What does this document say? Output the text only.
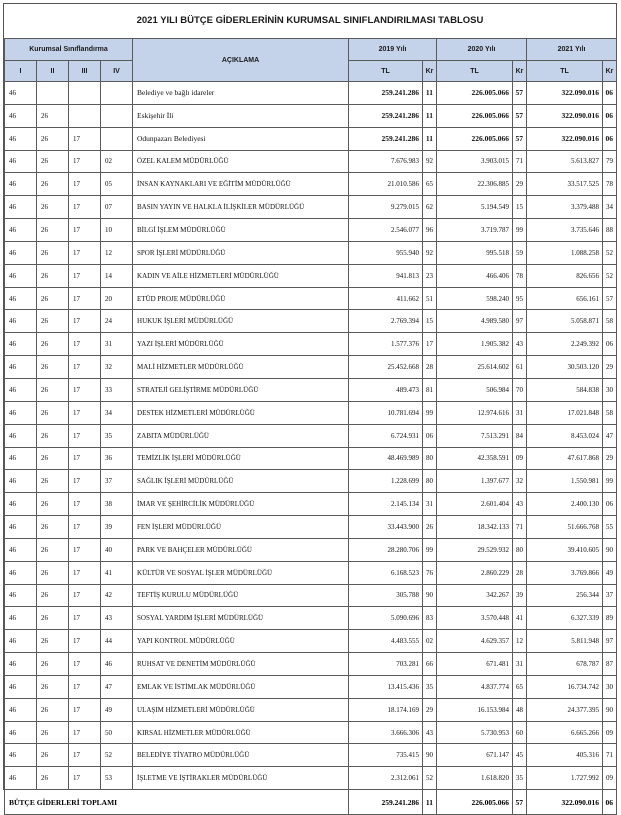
2021 YILI BÜTÇE GİDERLERİNİN KURUMSAL SINIFLANDIRILMASI TABLOSU
Kurumsal Sınıflandırma				AÇIKLAMA	2019 Yılı		2020 Yılı		2021 Yılı	
I	II	III	IV		TL	Kr	TL	Kr	TL	Kr
46				Belediye ve bağlı idareler	259.241.286	11	226.005.066	57	322.090.016	06
46	26			Eskişehir İli	259.241.286	11	226.005.066	57	322.090.016	06
46	26	17		Odunpazarı Belediyesi	259.241.286	11	226.005.066	57	322.090.016	06
46	26	17	02	ÖZEL KALEM MÜDÜRLÜĞÜ	7.676.983	92	3.903.015	71	5.613.827	79
46	26	17	05	İNSAN KAYNAKLARI VE EĞİTİM MÜDÜRLÜĞÜ	21.010.586	65	22.306.885	29	33.517.525	78
46	26	17	07	BASIN YAYIN VE HALKLA İLİŞKİLER MÜDÜRLÜĞÜ	9.279.015	62	5.194.549	15	3.379.488	34
46	26	17	10	BİLGİ İŞLEM MÜDÜRLÜĞÜ	2.546.077	96	3.719.787	99	3.735.646	88
46	26	17	12	SPOR İŞLERİ MÜDÜRLÜĞÜ	955.940	92	995.518	59	1.088.258	52
46	26	17	14	KADIN VE AİLE HİZMETLERİ MÜDÜRLÜĞÜ	941.813	23	466.406	78	826.656	52
46	26	17	20	ETÜD PROJE MÜDÜRLÜĞÜ	411.662	51	598.240	95	656.161	57
46	26	17	24	HUKUK İŞLERİ MÜDÜRLÜĞÜ	2.769.394	15	4.989.580	97	5.058.871	58
46	26	17	31	YAZI İŞLERİ MÜDÜRLÜĞÜ	1.577.376	17	1.905.382	43	2.249.392	06
46	26	17	32	MALİ HİZMETLER MÜDÜRLÜĞÜ	25.452.668	28	25.614.602	61	30.503.120	29
46	26	17	33	STRATEJİ GELİŞTİRME MÜDÜRLÜĞÜ	489.473	81	506.984	70	584.838	30
46	26	17	34	DESTEK HİZMETLERİ MÜDÜRLÜĞÜ	10.781.694	99	12.974.616	31	17.021.848	58
46	26	17	35	ZABITA MÜDÜRLÜĞÜ	6.724.931	06	7.513.291	84	8.453.024	47
46	26	17	36	TEMİZLİK İŞLERİ MÜDÜRLÜĞÜ	48.469.989	80	42.358.591	09	47.617.868	29
46	26	17	37	SAĞLIK İŞLERİ MÜDÜRLÜĞÜ	1.228.699	80	1.397.677	32	1.550.981	99
46	26	17	38	İMAR VE ŞEHİRCİLİK MÜDÜRLÜĞÜ	2.145.134	31	2.601.404	43	2.400.130	06
46	26	17	39	FEN İŞLERİ MÜDÜRLÜĞÜ	33.443.900	26	18.342.133	71	51.666.768	55
46	26	17	40	PARK VE BAHÇELER MÜDÜRLÜĞÜ	28.280.706	99	29.529.932	80	39.410.605	90
46	26	17	41	KÜLTÜR VE SOSYAL İŞLER MÜDÜRLÜĞÜ	6.168.523	76	2.860.229	28	3.769.866	49
46	26	17	42	TEFTİŞ KURULU MÜDÜRLÜĞÜ	305.788	90	342.267	39	256.344	37
46	26	17	43	SOSYAL YARDIM İŞLERİ MÜDÜRLÜĞÜ	5.090.696	83	3.570.448	41	6.327.339	89
46	26	17	44	YAPI KONTROL MÜDÜRLÜĞÜ	4.483.555	02	4.629.357	12	5.811.948	97
46	26	17	46	RUHSAT VE DENETİM MÜDÜRLÜĞÜ	703.281	66	671.481	31	678.787	87
46	26	17	47	EMLAK VE İSTİMLAK MÜDÜRLÜĞÜ	13.415.436	35	4.837.774	65	16.734.742	30
46	26	17	49	ULAŞIM HİZMETLERİ MÜDÜRLÜĞÜ	18.174.169	29	16.153.984	48	24.377.395	90
46	26	17	50	KIRSAL HİZMETLER MÜDÜRLÜĞÜ	3.666.306	43	5.730.953	60	6.665.266	09
46	26	17	52	BELEDİYE TİYATRO MÜDÜRLÜĞÜ	735.415	90	671.147	45	405.316	71
46	26	17	53	İŞLETME VE İŞTİRAKLER MÜDÜRLÜĞÜ	2.312.061	52	1.618.820	35	1.727.992	09
BÜTÇE GİDERLERİ TOPLAMI					259.241.286	11	226.005.066	57	322.090.016	06
